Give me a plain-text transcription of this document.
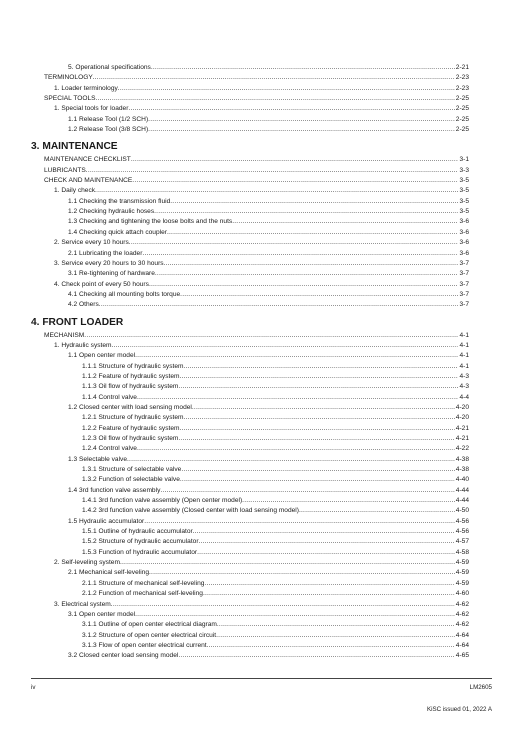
5. Operational specifications .....	2-21
TERMINOLOGY .....	2-23
1. Loader terminology .....	2-23
SPECIAL TOOLS .....	2-25
1. Special tools for loader .....	2-25
1.1 Release Tool (1/2 SCH) .....	2-25
1.2 Release Tool (3/8 SCH) .....	2-25
3. MAINTENANCE
MAINTENANCE CHECKLIST .....	3-1
LUBRICANTS .....	3-3
CHECK AND MAINTENANCE .....	3-5
1. Daily check .....	3-5
1.1 Checking the transmission fluid .....	3-5
1.2 Checking hydraulic hoses .....	3-5
1.3 Checking and tightening the loose bolts and the nuts .....	3-6
1.4 Checking quick attach coupler .....	3-6
2. Service every 10 hours .....	3-6
2.1 Lubricating the loader .....	3-6
3. Service every 20 hours to 30 hours .....	3-7
3.1 Re-tightening of hardware .....	3-7
4. Check point of every 50 hours .....	3-7
4.1 Checking all mounting bolts torque .....	3-7
4.2 Others .....	3-7
4. FRONT LOADER
MECHANISM .....	4-1
1. Hydraulic system .....	4-1
1.1 Open center model .....	4-1
1.1.1 Structure of hydraulic system .....	4-1
1.1.2 Feature of hydraulic system .....	4-3
1.1.3 Oil flow of hydraulic system .....	4-3
1.1.4 Control valve .....	4-4
1.2 Closed center with load sensing model .....	4-20
1.2.1 Structure of hydraulic system .....	4-20
1.2.2 Feature of hydraulic system .....	4-21
1.2.3 Oil flow of hydraulic system .....	4-21
1.2.4 Control valve .....	4-22
1.3 Selectable valve .....	4-38
1.3.1 Structure of selectable valve .....	4-38
1.3.2 Function of selectable valve .....	4-40
1.4 3rd function valve assembly .....	4-44
1.4.1 3rd function valve assembly (Open center model) .....	4-44
1.4.2 3rd function valve assembly (Closed center with load sensing model) .....	4-50
1.5 Hydraulic accumulator .....	4-56
1.5.1 Outline of hydraulic accumulator .....	4-56
1.5.2 Structure of hydraulic accumulator .....	4-57
1.5.3 Function of hydraulic accumulator .....	4-58
2. Self-leveling system .....	4-59
2.1 Mechanical self-leveling .....	4-59
2.1.1 Structure of mechanical self-leveling .....	4-59
2.1.2 Function of mechanical self-leveling .....	4-60
3. Electrical system .....	4-62
3.1 Open center model .....	4-62
3.1.1 Outline of open center electrical diagram .....	4-62
3.1.2 Structure of open center electrical circuit .....	4-64
3.1.3 Flow of open center electrical current .....	4-64
3.2 Closed center load sensing model .....	4-65
iv	LM2605
KiSC issued 01, 2022 A
